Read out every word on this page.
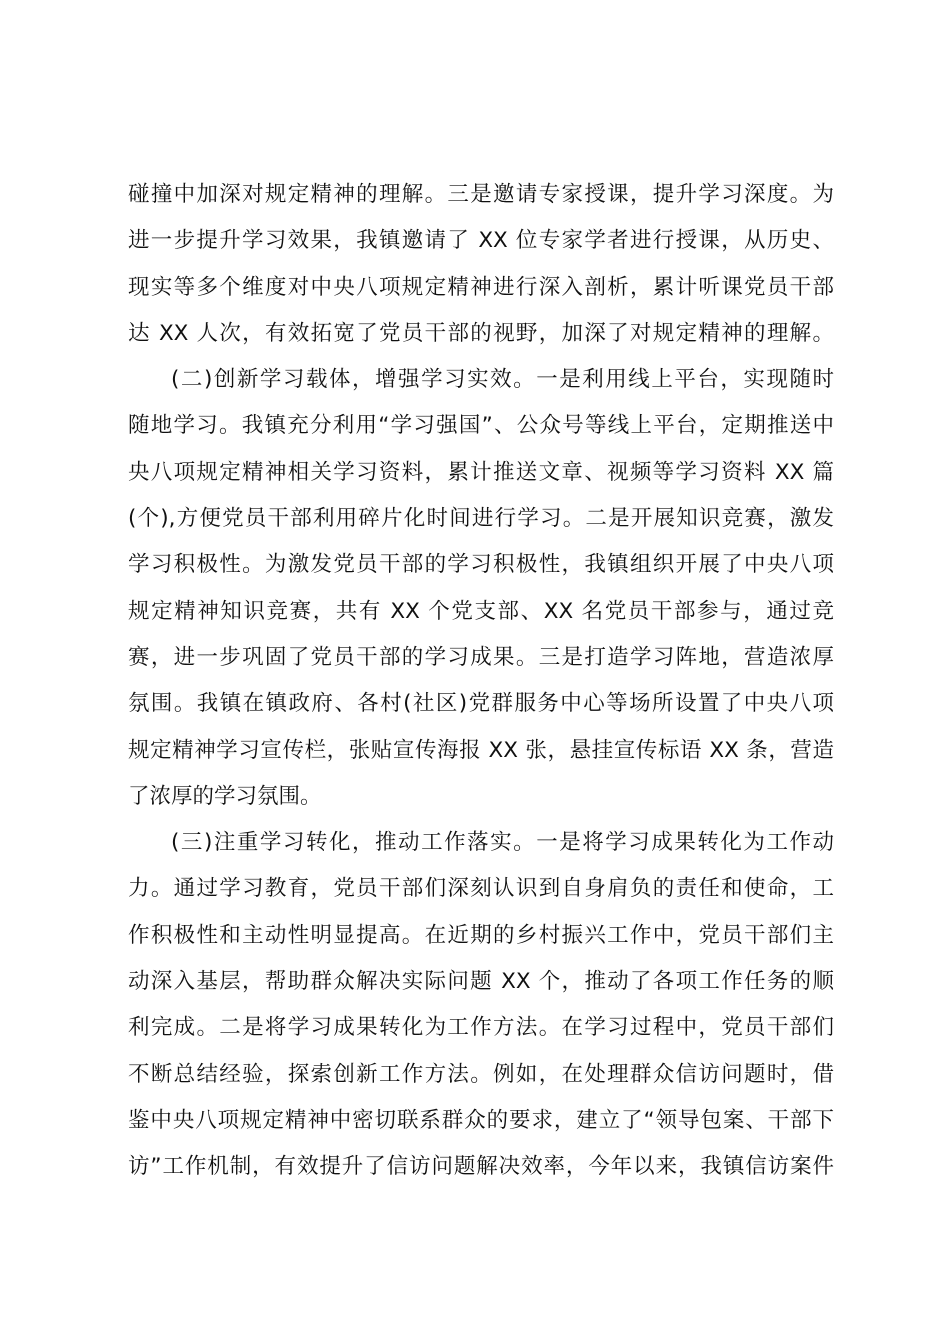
碰撞中加深对规定精神的理解。三是邀请专家授课，提升学习深度。为
进一步提升学习效果，我镇邀请了 XX 位专家学者进行授课，从历史、
现实等多个维度对中央八项规定精神进行深入剖析，累计听课党员干部
达 XX 人次，有效拓宽了党员干部的视野，加深了对规定精神的理解。
(二)创新学习载体，增强学习实效。一是利用线上平台，实现随时
随地学习。我镇充分利用“学习强国”、公众号等线上平台，定期推送中
央八项规定精神相关学习资料，累计推送文章、视频等学习资料 XX 篇
(个),方便党员干部利用碎片化时间进行学习。二是开展知识竞赛，激发
学习积极性。为激发党员干部的学习积极性，我镇组织开展了中央八项
规定精神知识竞赛，共有 XX 个党支部、XX 名党员干部参与，通过竞
赛，进一步巩固了党员干部的学习成果。三是打造学习阵地，营造浓厚
氛围。我镇在镇政府、各村(社区)党群服务中心等场所设置了中央八项
规定精神学习宣传栏，张贴宣传海报 XX 张，悬挂宣传标语 XX 条，营造
了浓厚的学习氛围。
(三)注重学习转化，推动工作落实。一是将学习成果转化为工作动
力。通过学习教育，党员干部们深刻认识到自身肩负的责任和使命，工
作积极性和主动性明显提高。在近期的乡村振兴工作中，党员干部们主
动深入基层，帮助群众解决实际问题 XX 个，推动了各项工作任务的顺
利完成。二是将学习成果转化为工作方法。在学习过程中，党员干部们
不断总结经验，探索创新工作方法。例如，在处理群众信访问题时，借
鉴中央八项规定精神中密切联系群众的要求，建立了“领导包案、干部下
访”工作机制，有效提升了信访问题解决效率，今年以来，我镇信访案件
